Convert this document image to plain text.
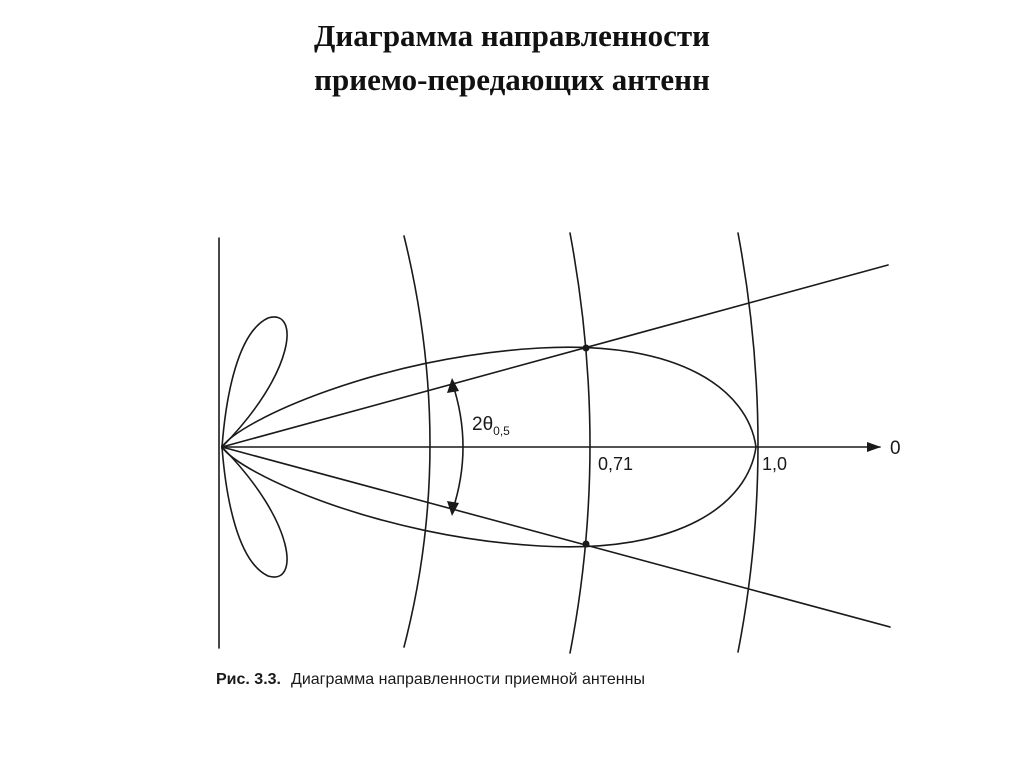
Диаграмма направленности
приемо-передающих антенн
$2\theta_{0,5}$
0
0,71	1,0
Рис. 3.3. Диаграмма направленности приемной антенны
